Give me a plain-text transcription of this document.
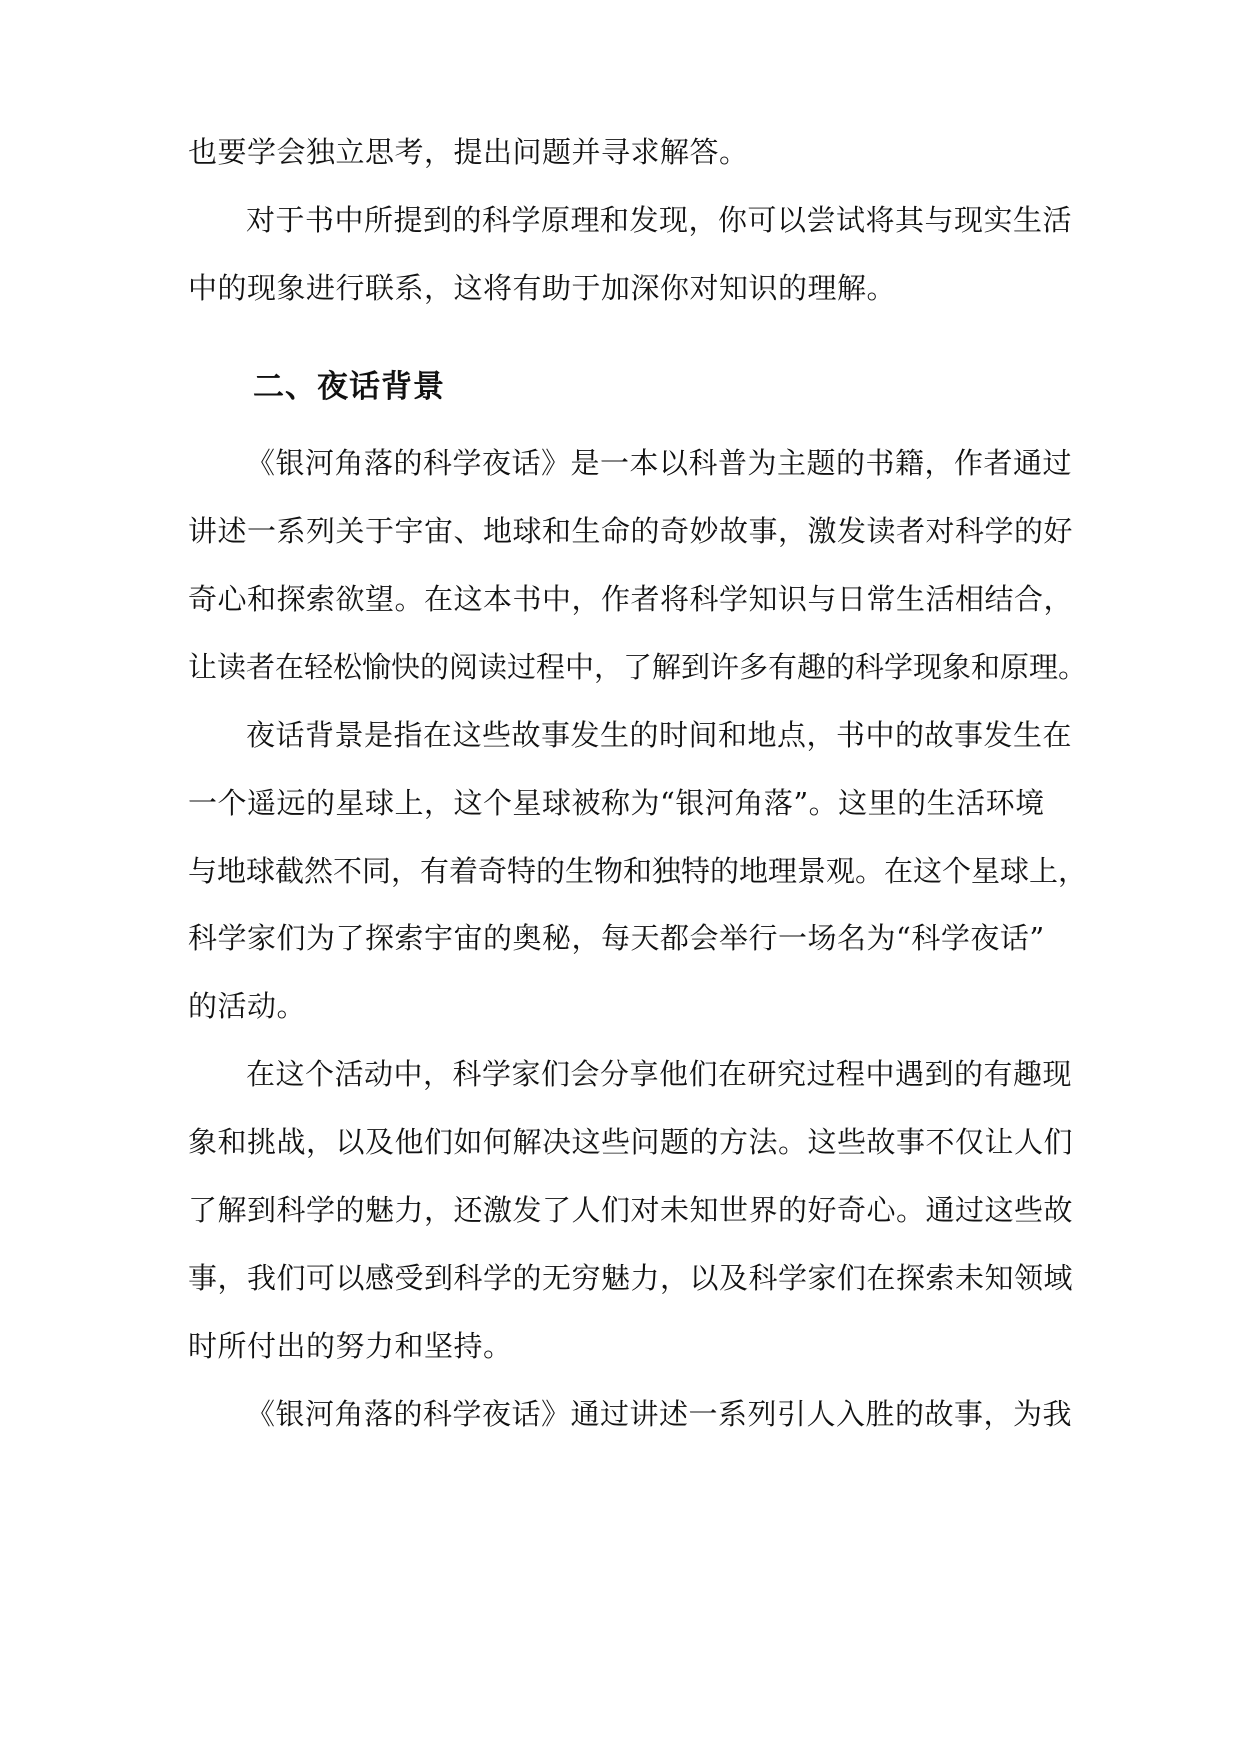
也要学会独立思考，提出问题并寻求解答。
对于书中所提到的科学原理和发现，你可以尝试将其与现实生活
中的现象进行联系，这将有助于加深你对知识的理解。
二、夜话背景
《银河角落的科学夜话》是一本以科普为主题的书籍，作者通过
讲述一系列关于宇宙、地球和生命的奇妙故事，激发读者对科学的好
奇心和探索欲望。在这本书中，作者将科学知识与日常生活相结合，
让读者在轻松愉快的阅读过程中，了解到许多有趣的科学现象和原理。
夜话背景是指在这些故事发生的时间和地点，书中的故事发生在
一个遥远的星球上，这个星球被称为“银河角落”。这里的生活环境
与地球截然不同，有着奇特的生物和独特的地理景观。在这个星球上，
科学家们为了探索宇宙的奥秘，每天都会举行一场名为“科学夜话”
的活动。
在这个活动中，科学家们会分享他们在研究过程中遇到的有趣现
象和挑战，以及他们如何解决这些问题的方法。这些故事不仅让人们
了解到科学的魅力，还激发了人们对未知世界的好奇心。通过这些故
事，我们可以感受到科学的无穷魅力，以及科学家们在探索未知领域
时所付出的努力和坚持。
《银河角落的科学夜话》通过讲述一系列引人入胜的故事，为我
